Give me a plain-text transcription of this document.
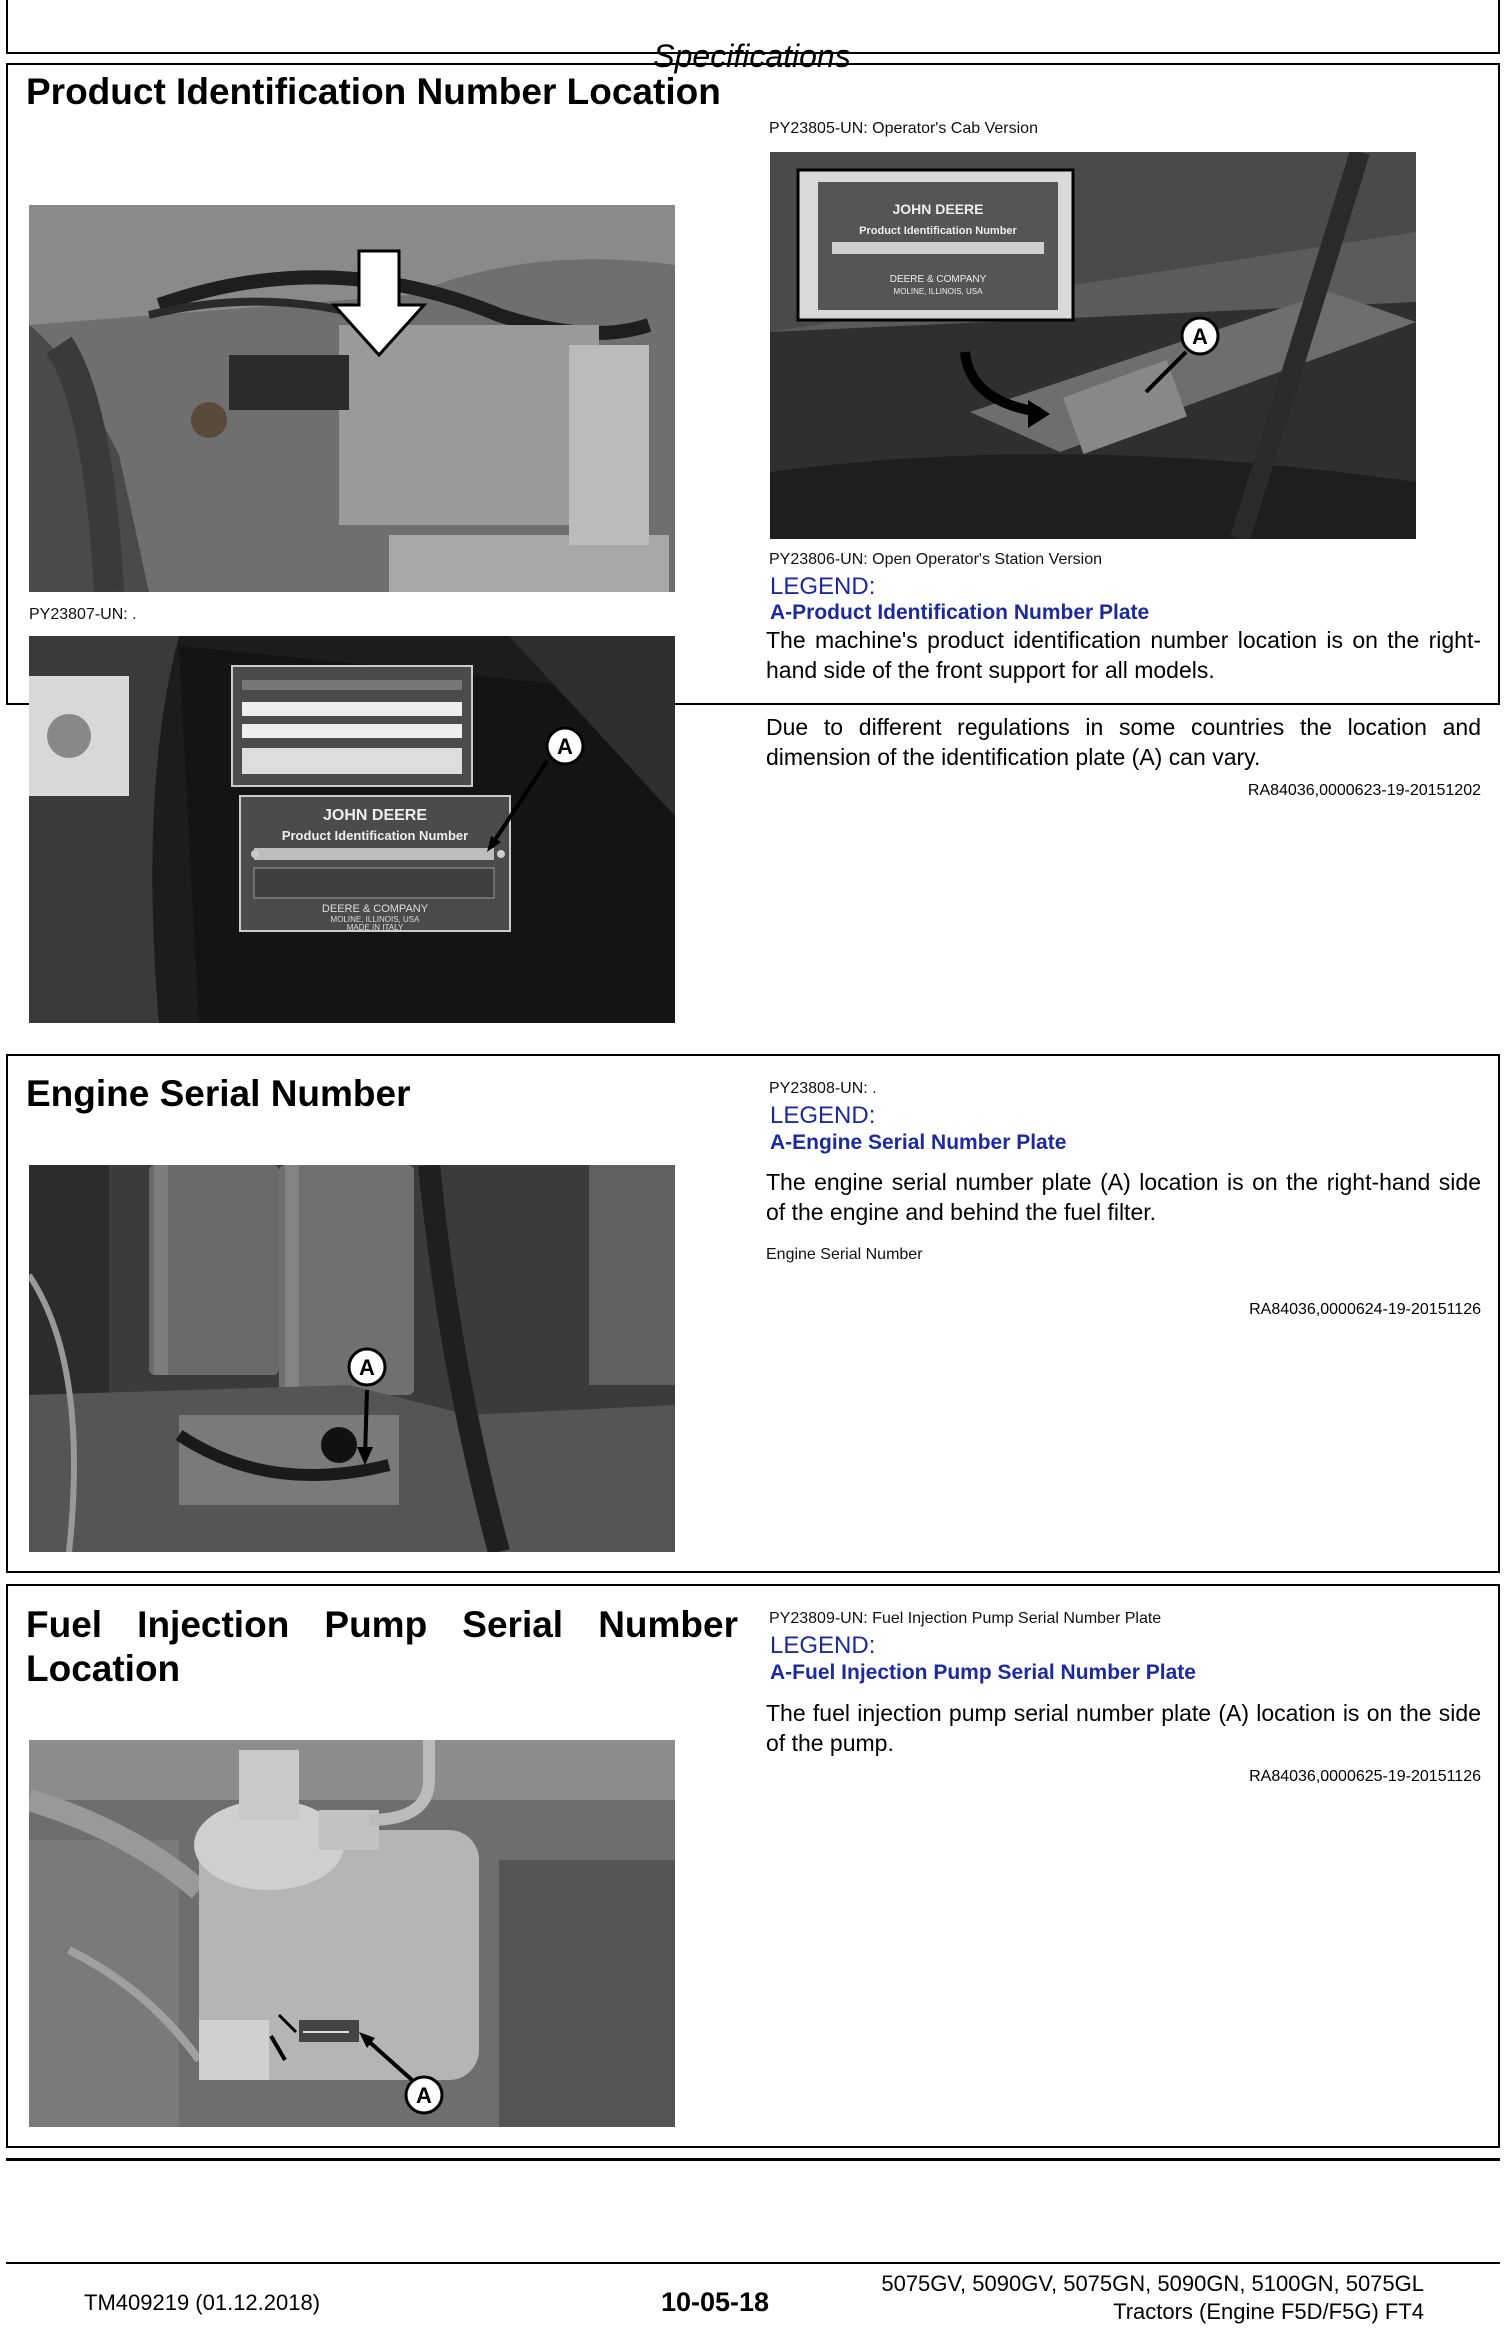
Specifications
Product Identification Number Location
PY23807-UN: .
JOHN DEERE
Product Identification Number
DEERE & COMPANY
MOLINE, ILLINOIS, USA
MADE IN ITALY
A
PY23805-UN: Operator's Cab Version
JOHN DEERE
Product Identification Number
DEERE & COMPANY
MOLINE, ILLINOIS, USA
A
PY23806-UN: Open Operator's Station Version
LEGEND:
A-Product Identification Number Plate
The machine's product identification number location is on the right-hand side of the front support for all models.
Due to different regulations in some countries the location and dimension of the identification plate (A) can vary.
RA84036,0000623-19-20151202
Engine Serial Number
A
PY23808-UN: .
LEGEND:
A-Engine Serial Number Plate
The engine serial number plate (A) location is on the right-hand side of the engine and behind the fuel filter.
Engine Serial Number
RA84036,0000624-19-20151126
Fuel Injection Pump Serial Number Location
A
PY23809-UN: Fuel Injection Pump Serial Number Plate
LEGEND:
A-Fuel Injection Pump Serial Number Plate
The fuel injection pump serial number plate (A) location is on the side of the pump.
RA84036,0000625-19-20151126
TM409219 (01.12.2018)	10-05-18
5075GV, 5090GV, 5075GN, 5090GN, 5100GN, 5075GL
Tractors (Engine F5D/F5G) FT4
